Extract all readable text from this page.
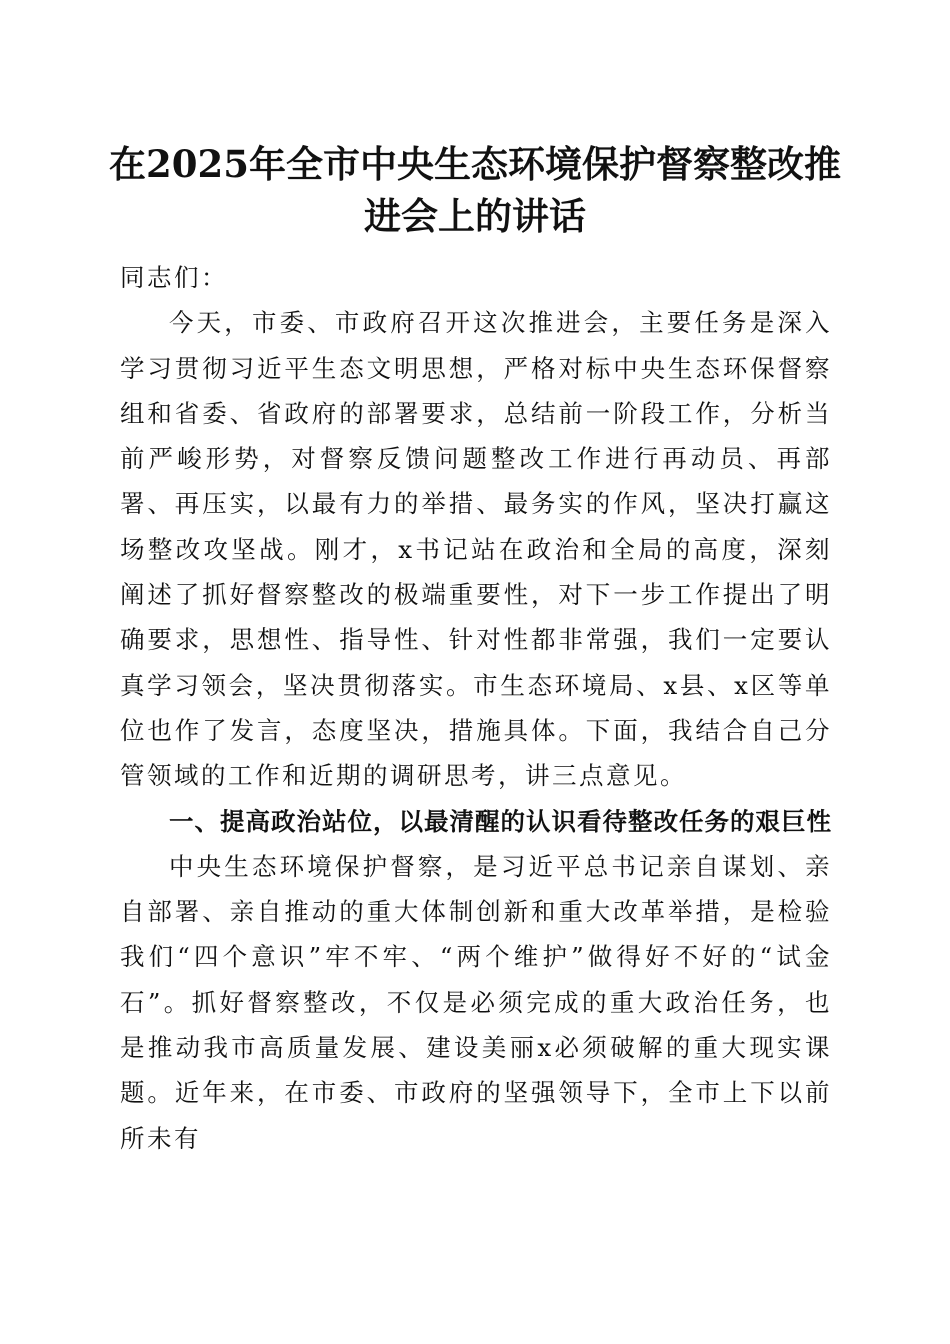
在2025年全市中央生态环境保护督察整改推
进会上的讲话

同志们：

今天，市委、市政府召开这次推进会，主要任务是深入学习贯彻习近平生态文明思想，严格对标中央生态环保督察组和省委、省政府的部署要求，总结前一阶段工作，分析当前严峻形势，对督察反馈问题整改工作进行再动员、再部署、再压实，以最有力的举措、最务实的作风，坚决打赢这场整改攻坚战。刚才，x书记站在政治和全局的高度，深刻阐述了抓好督察整改的极端重要性，对下一步工作提出了明确要求，思想性、指导性、针对性都非常强，我们一定要认真学习领会，坚决贯彻落实。市生态环境局、x县、x区等单位也作了发言，态度坚决，措施具体。下面，我结合自己分管领域的工作和近期的调研思考，讲三点意见。

一、提高政治站位，以最清醒的认识看待整改任务的艰巨性

中央生态环境保护督察，是习近平总书记亲自谋划、亲自部署、亲自推动的重大体制创新和重大改革举措，是检验我们“四个意识”牢不牢、“两个维护”做得好不好的“试金石”。抓好督察整改，不仅是必须完成的重大政治任务，也是推动我市高质量发展、建设美丽x必须破解的重大现实课题。近年来，在市委、市政府的坚强领导下，全市上下以前所未有
